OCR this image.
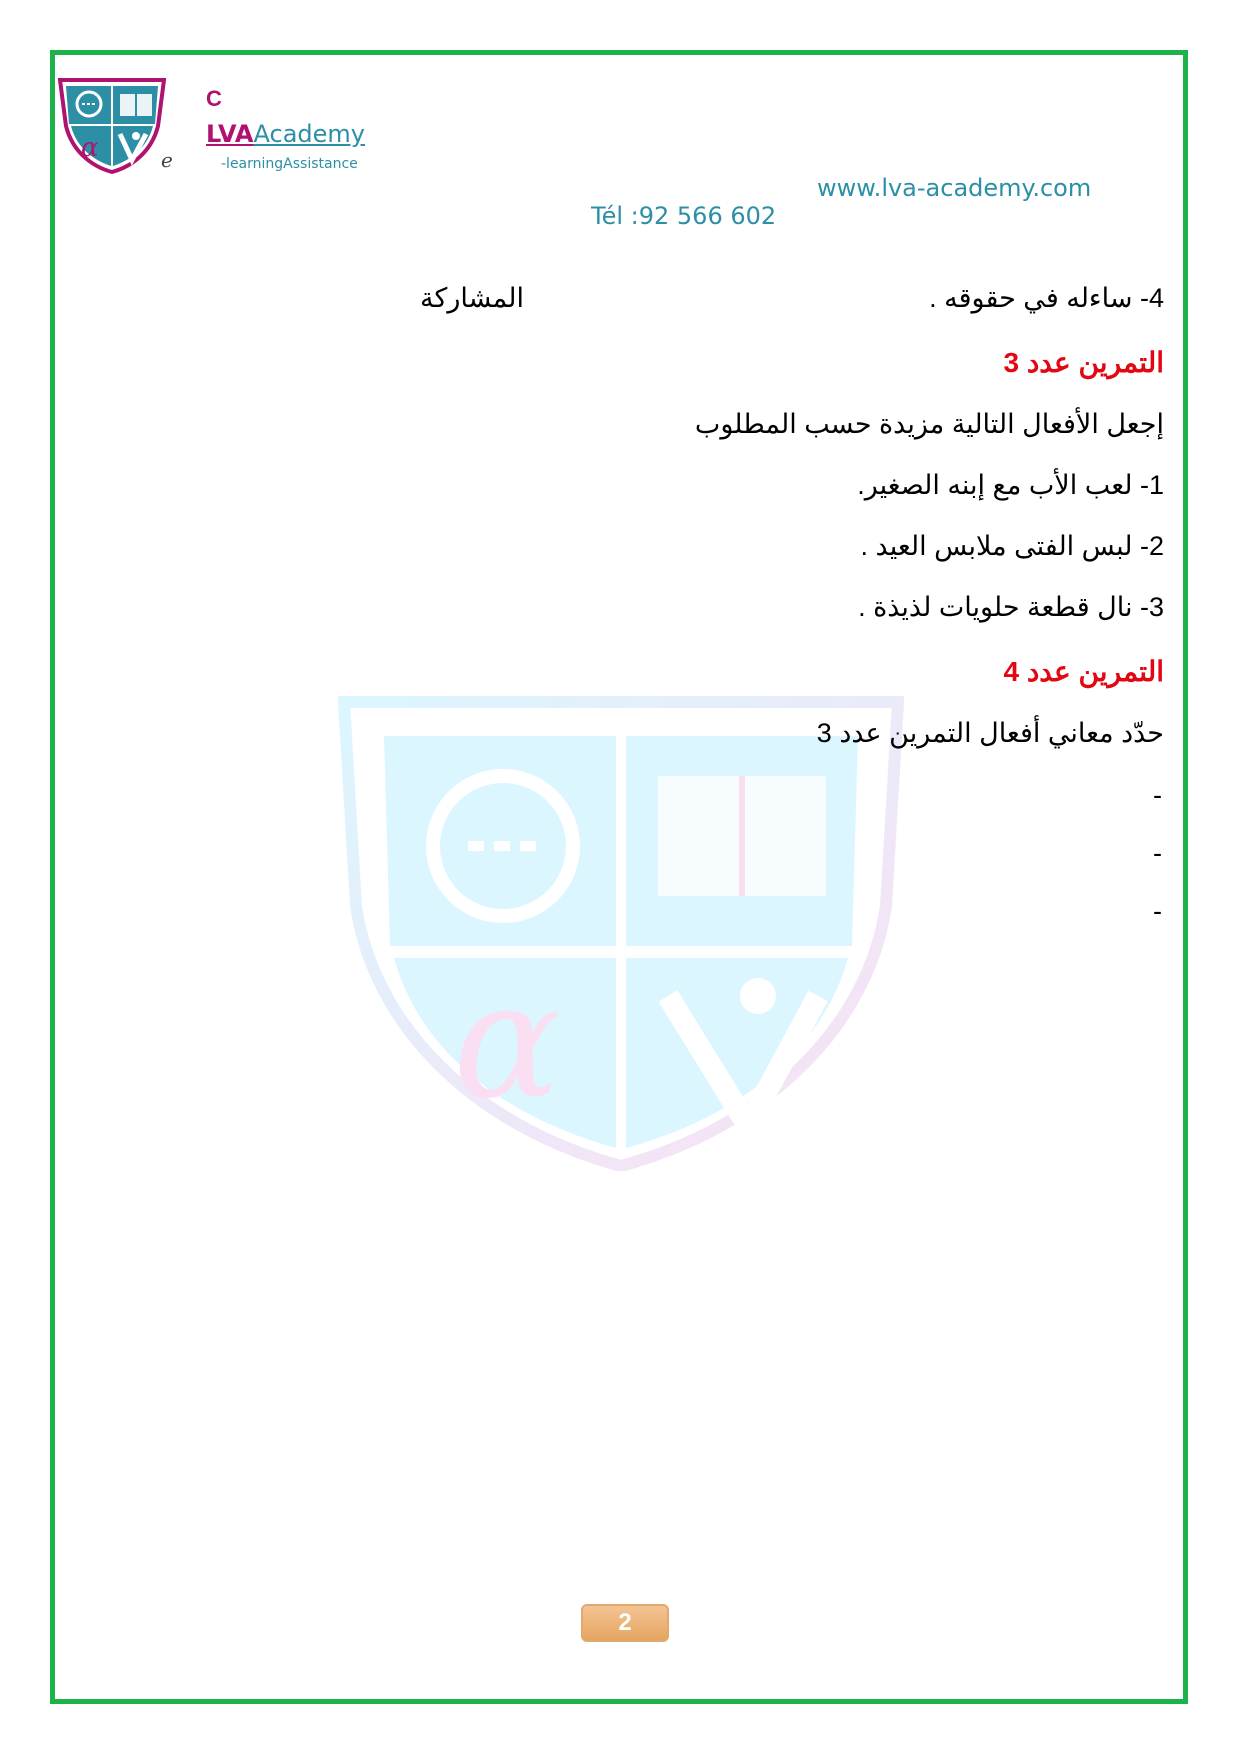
α
C
LVAAcademy
e	-learningAssistance
www.lva-academy.com
Tél :92 566 602
α
4- ساءله في حقوقه .
المشاركة
التمرين عدد 3
إجعل الأفعال التالية مزيدة حسب المطلوب
1- لعب الأب مع إبنه الصغير.
2- لبس الفتى ملابس العيد .
3- نال قطعة حلويات لذيذة .
التمرين عدد 4
حدّد معاني أفعال التمرين عدد 3
-
-
-
2
